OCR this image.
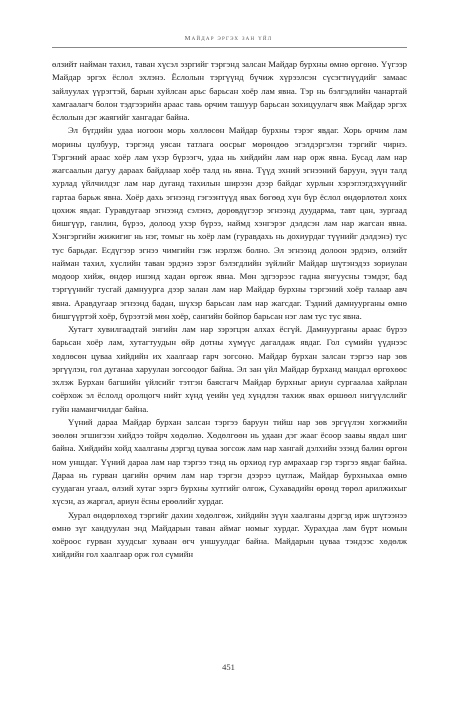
Майдар эргэх зан үйл

өлзийт найман тахил, таван хүсэл эзргийг тэргэнд залсан Майдар бурхны өмнө өргөнө. Үүгээр Майдар эргэх ёслол эхлэнэ. Ёслолын тэргүүнд бүчиж хүрээлсэн сүсэгтнүүдийг замаас зайлуулах үүрэгтэй, барын хуйлсан арьс барьсан хоёр лам явна. Тэр нь бэлгэдлийн чанартай хамгаалагч болон тэдгээрийн араас тавь орчим ташуур барьсан зохицуулагч явж Майдар эргэх ёслолын дэг жаягийг хангадаг байна.

Эл бүгдийн удаа ногоон морь хөллөсөн Майдар бурхны тэрэг явдаг. Хорь орчим лам морины цулбуур, тэргэнд уясан татлага оосрыг мөрөндөө эгэлдэргэлэн тэргийг чирнэ. Тэргэний араас хоёр лам үхэр бүрээгч, удаа нь хийдийн лам нар орж явна. Бусад лам нар жагсаалын дагуу дараах байдлаар хоёр талд нь явна. Түүд эхний эгнээний баруун, зүүн талд хурлад үйлчилдэг лам нар дуганд тахилын ширээн дээр байдаг хурлын хэрэглэгдэхүүнийг гартаа барьж явна. Хоёр дахь эгнээнд гэгээнтүүд явах бөгөөд хүн бүр ёслол өндөрлөтөл хонх цохиж явдаг. Гуравдугаар эгнээнд сэлэнэ, дөрөвдүгээр эгнээнд дуударма, тавт цан, зургаад бишгүүр, ганлин, бүрээ, долоод ухэр бүрээ, наймд хэнгэрэг дэлдсэн лам нар жагсан явна. Хэнгэргийн жижигиг нь нэг, томыг нь хоёр лам (гуравдахь нь дохиурдаг түүнийг дэлдэнэ) тус тус барьдаг. Есдүгээр эгнээ чимгийн гэж нэрлэж болно. Эл эгнээнд долоон эрдэнэ, өлзийт найман тахил, хүслийн таван эрдэнэ зэрэг бэлэгдлийн зүйлийг Майдар шүтэнэдэз зориулан модоор хийж, өндөр ишэнд хадан өргөж явна. Мөн эдгээрээс гадна янгуусны тэмдэг, бад тэргүүнийг тусгай дамнуурга дээр залан лам нар Майдар бурхны тэргэний хоёр талаар авч явна. Аравдугаар эгнээнд бадан, шүхэр барьсан лам нар жагсдаг. Тэдний дамнуурганы өмнө бишгүүртэй хоёр, бүрээтэй мөн хоёр, сангийн бойпор барьсан нэг лам тус тус явна.

Хутагт хувилгаадтай энгийн лам нар зэрэгцэн алхах ёсгүй. Дамнуурганы араас бүрээ барьсан хоёр лам, хутагтуудын өйр дотны хүмүүс дагалдаж явдаг. Гол сүмийн үүднээс хөдлөсөн цуваа хийдийн их хаалгаар гарч зогсоно. Майдар бурхан залсан тэргээ нар зөв эргүүлэн, гол дуганаа харуулан зогсоодог байна. Эл зан үйл Майдар бурханд мандал өргөхөөс эхлэж Бурхан багшийн үйлсийг тэтгэн баясгагч Майдар бурхныг ариун сургаалаа хайрлан соёрхож эл ёслолд оролцогч нийт хүнд үеийн үед хүндлэн тахиж явах өршөөл нигүүлслийг гуйн намангчилдаг байна.

Үүний дараа Майдар бурхан залсан тэргээ баруун тийш нар зөв эргүүлэн хөгжмийн зөөлөн эгшигээн хийдээ тойрч хөдөлнө. Хөдөлгөөн нь удаан дэг жааг ёсоор заавы явдал шиг байна. Хийдийн хойд хаалганы дэргэд цуваа зогсож лам нар хангай дэлхийн эзэнд балин өргөн ном уншдаг. Үүний дараа лам нар тэргээ тэнд нь орхиод гур амрахаар гэр тэргээ явдаг байна. Дараа нь гурван цагийн орчим лам нар тэргэн дээрээ цуглаж, Майдар бурхныхаа өмнө суудаган угаал, өлзий хутаг эзргэ бурхны хутгийг олгож, Сухавадийн өрөнд төрөл арилжихыг хүсэн, аз жаргал, ариун ёсны ерөөлийг хурдаг.

Хурал өндөрлөхөд тэргийг дахин хөдөлгөж, хийдийн зүүн хаалганы дэргэд ирж шүтээнээ өмнө зүг хандуулан энд Майдарын таван аймаг номыг хурдаг. Хурахдаа лам бүрт номын хоёроос гурван хуудсыг хуваан өгч уншуулдаг байна. Майдарын цуваа тэндээс хөдөлж хийдийн гол хаалгаар орж гол сүмийн

451
